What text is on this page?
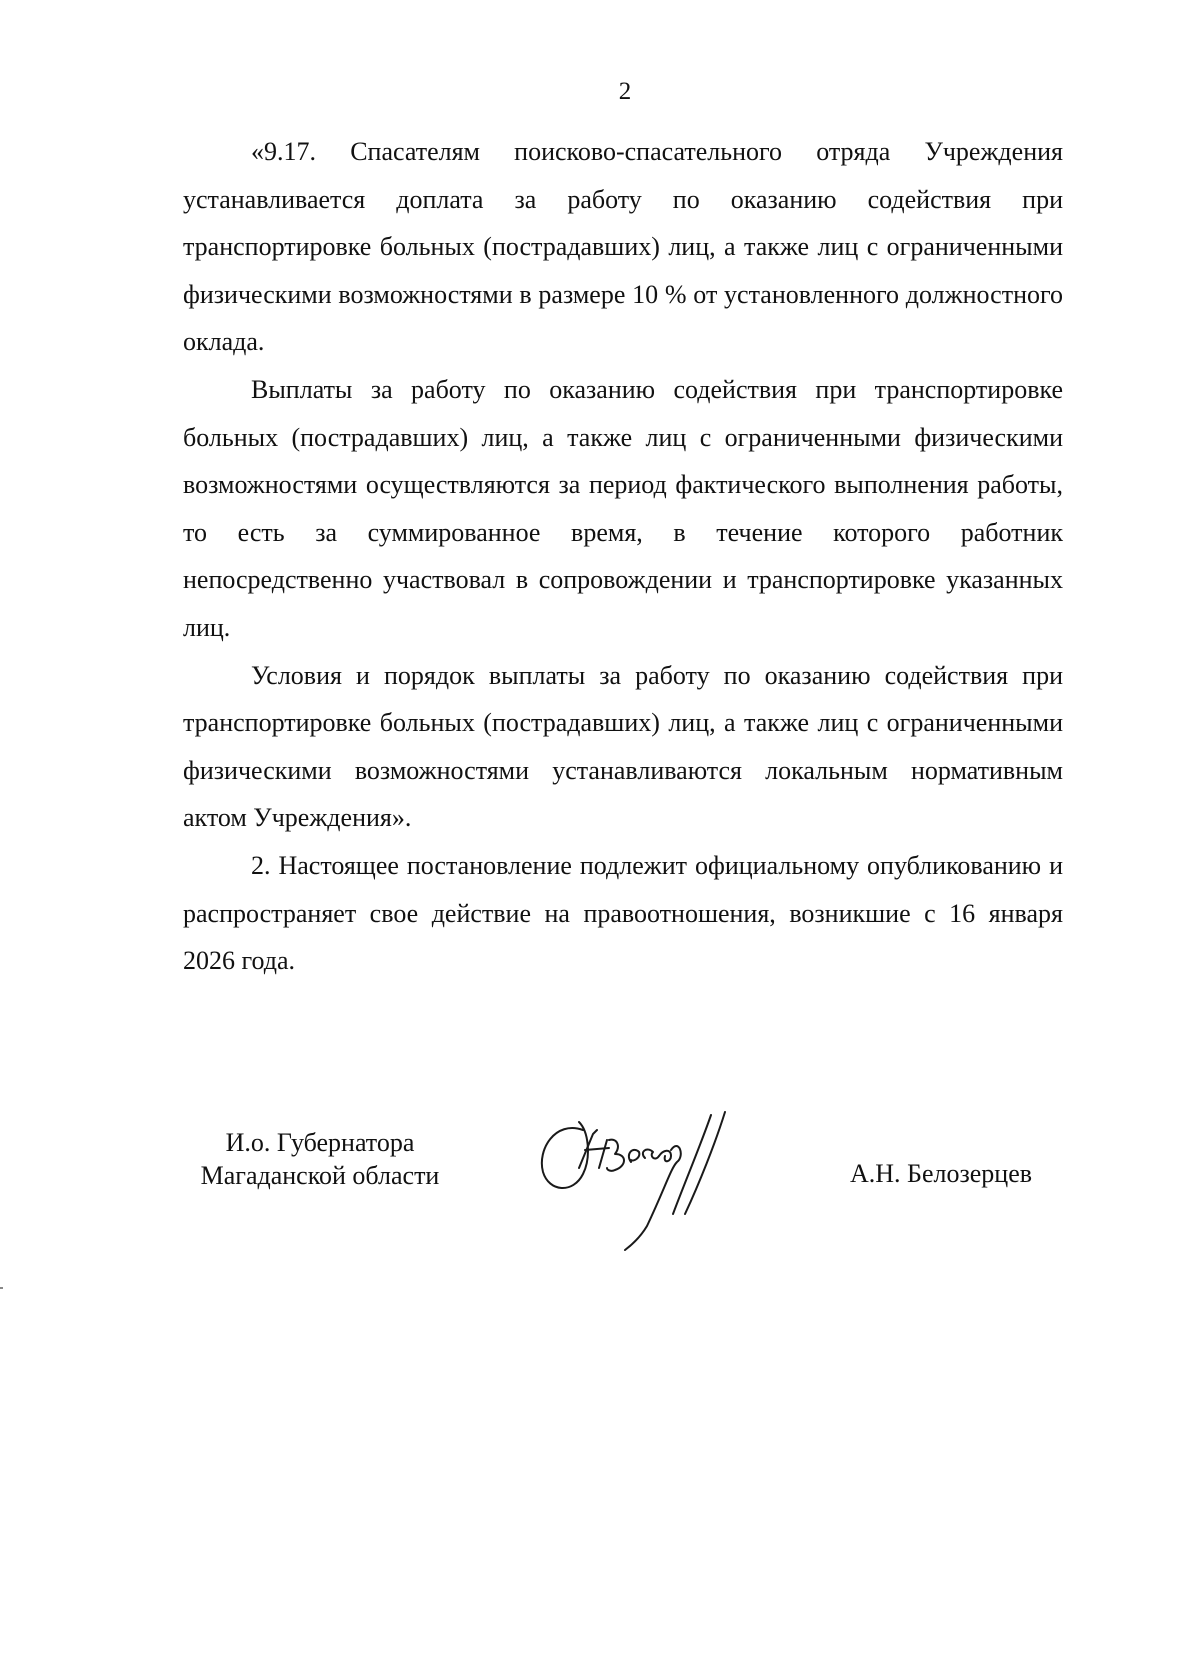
2

«9.17. Спасателям поисково-спасательного отряда Учреждения устанавливается доплата за работу по оказанию содействия при транспортировке больных (пострадавших) лиц, а также лиц с ограниченными физическими возможностями в размере 10 % от установленного должностного оклада.

Выплаты за работу по оказанию содействия при транспортировке больных (пострадавших) лиц, а также лиц с ограниченными физическими возможностями осуществляются за период фактического выполнения работы, то есть за суммированное время, в течение которого работник непосредственно участвовал в сопровождении и транспортировке указанных лиц.

Условия и порядок выплаты за работу по оказанию содействия при транспортировке больных (пострадавших) лиц, а также лиц с ограниченными физическими возможностями устанавливаются локальным нормативным актом Учреждения».

2. Настоящее постановление подлежит официальному опубликованию и распространяет свое действие на правоотношения, возникшие с 16 января 2026 года.

И.о. Губернатора
Магаданской области	А.Н. Белозерцев
